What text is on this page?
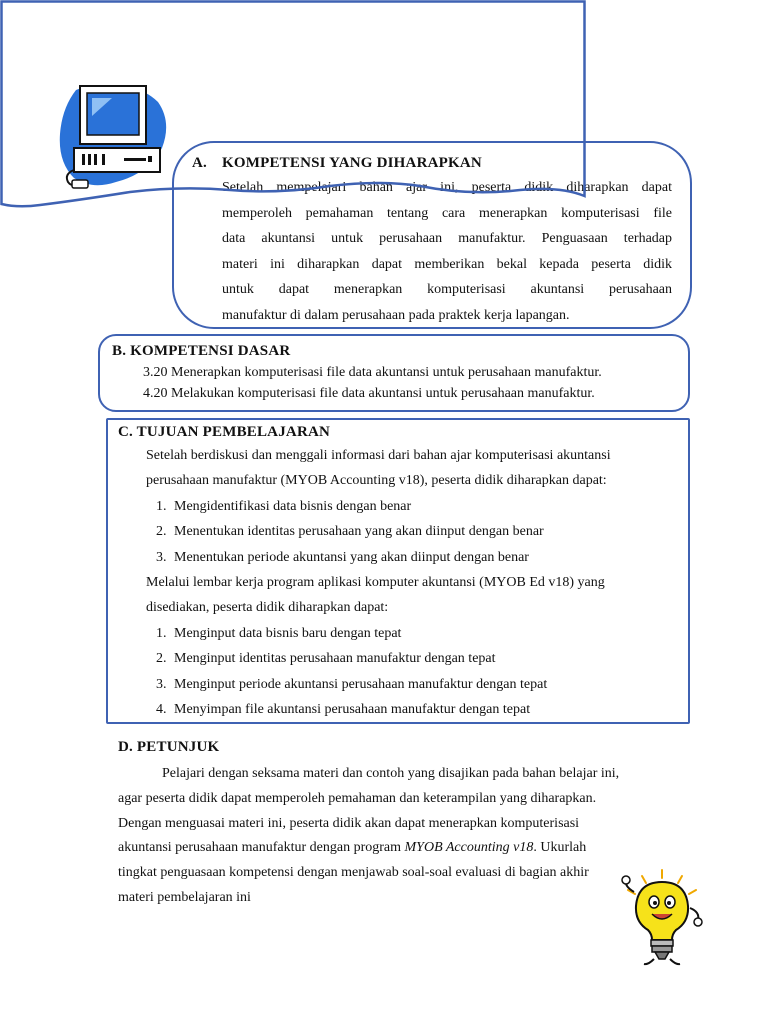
A. KOMPETENSI YANG DIHARAPKAN
Setelah mempelajari bahan ajar ini, peserta didik diharapkan dapat
memperoleh pemahaman tentang cara menerapkan komputerisasi file
data akuntansi untuk perusahaan manufaktur. Penguasaan terhadap
materi ini diharapkan dapat memberikan bekal kepada peserta didik
untuk dapat menerapkan komputerisasi akuntansi perusahaan
manufaktur di dalam perusahaan pada praktek kerja lapangan.
B. KOMPETENSI DASAR
3.20 Menerapkan komputerisasi file data akuntansi untuk perusahaan manufaktur.
4.20 Melakukan komputerisasi file data akuntansi untuk perusahaan manufaktur.
C. TUJUAN PEMBELAJARAN
Setelah berdiskusi dan menggali informasi dari bahan ajar komputerisasi akuntansi
perusahaan manufaktur (MYOB Accounting v18), peserta didik diharapkan dapat:
1. Mengidentifikasi data bisnis dengan benar
2. Menentukan identitas perusahaan yang akan diinput dengan benar
3. Menentukan periode akuntansi yang akan diinput dengan benar
Melalui lembar kerja program aplikasi komputer akuntansi (MYOB Ed v18) yang
disediakan, peserta didik diharapkan dapat:
1. Menginput data bisnis baru dengan tepat
2. Menginput identitas perusahaan manufaktur dengan tepat
3. Menginput periode akuntansi perusahaan manufaktur dengan tepat
4. Menyimpan file akuntansi perusahaan manufaktur dengan tepat
D. PETUNJUK
Pelajari dengan seksama materi dan contoh yang disajikan pada bahan belajar ini,
agar peserta didik dapat memperoleh pemahaman dan keterampilan yang diharapkan.
Dengan menguasai materi ini, peserta didik akan dapat menerapkan komputerisasi
akuntansi perusahaan manufaktur dengan program MYOB Accounting v18. Ukurlah
tingkat penguasaan kompetensi dengan menjawab soal-soal evaluasi di bagian akhir
materi pembelajaran ini
